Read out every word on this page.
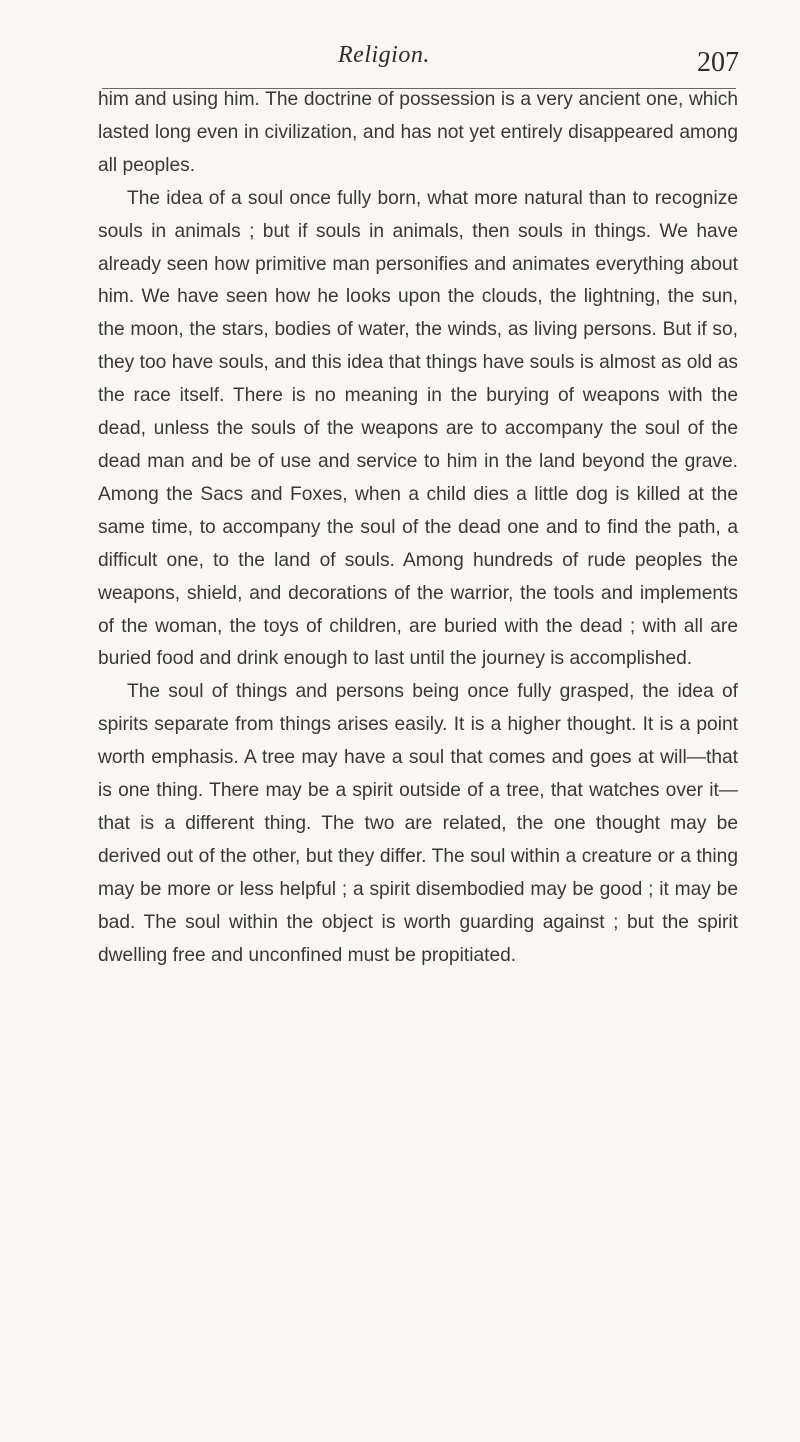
Religion.	207

him and using him. The doctrine of possession is a very ancient one, which lasted long even in civilization, and has not yet entirely disappeared among all peoples.

The idea of a soul once fully born, what more natural than to recognize souls in animals ; but if souls in animals, then souls in things. We have already seen how primitive man personifies and animates everything about him. We have seen how he looks upon the clouds, the lightning, the sun, the moon, the stars, bodies of water, the winds, as living persons. But if so, they too have souls, and this idea that things have souls is almost as old as the race itself. There is no meaning in the burying of weapons with the dead, unless the souls of the weapons are to accompany the soul of the dead man and be of use and service to him in the land beyond the grave. Among the Sacs and Foxes, when a child dies a little dog is killed at the same time, to accompany the soul of the dead one and to find the path, a difficult one, to the land of souls. Among hundreds of rude peoples the weapons, shield, and decorations of the warrior, the tools and implements of the woman, the toys of children, are buried with the dead ; with all are buried food and drink enough to last until the journey is accomplished.

The soul of things and persons being once fully grasped, the idea of spirits separate from things arises easily. It is a higher thought. It is a point worth emphasis. A tree may have a soul that comes and goes at will—that is one thing. There may be a spirit outside of a tree, that watches over it—that is a different thing. The two are related, the one thought may be derived out of the other, but they differ. The soul within a creature or a thing may be more or less helpful ; a spirit disembodied may be good ; it may be bad. The soul within the object is worth guarding against ; but the spirit dwelling free and unconfined must be propitiated.
